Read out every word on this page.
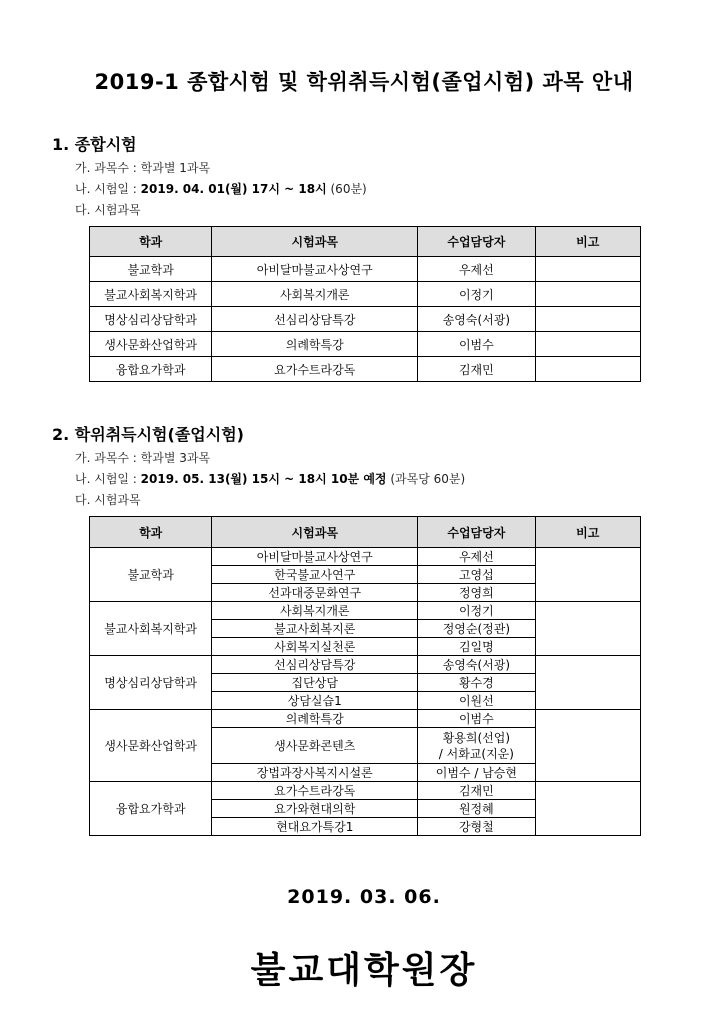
2019-1 종합시험 및 학위취득시험(졸업시험) 과목 안내
1. 종합시험
가. 과목수 : 학과별 1과목
나. 시험일 : 2019. 04. 01(월) 17시 ~ 18시 (60분)
다. 시험과목
학과	시험과목	수업담당자	비고
불교학과	아비달마불교사상연구	우제선	
불교사회복지학과	사회복지개론	이정기	
명상심리상담학과	선심리상담특강	송영숙(서광)	
생사문화산업학과	의례학특강	이범수	
융합요가학과	요가수트라강독	김재민	
2. 학위취득시험(졸업시험)
가. 과목수 : 학과별 3과목
나. 시험일 : 2019. 05. 13(월) 15시 ~ 18시 10분 예정 (과목당 60분)
다. 시험과목
학과	시험과목	수업담당자	비고
불교학과	아비달마불교사상연구	우제선	
	한국불교사연구	고영섭	
	선과대중문화연구	정영희	
불교사회복지학과	사회복지개론	이정기	
	불교사회복지론	정영순(정관)	
	사회복지실천론	김일명	
명상심리상담학과	선심리상담특강	송영숙(서광)	
	집단상담	황수경	
	상담실습1	이원선	
생사문화산업학과	의례학특강	이범수	
	생사문화콘텐츠	황용희(선업)
/ 서화교(지운)	

	장법과장사복지시설론	이범수 / 남승현	
융합요가학과	요가수트라강독	김재민	
	요가와현대의학	원정혜	
	현대요가특강1	강형철	
2019. 03. 06.
불교대학원장
